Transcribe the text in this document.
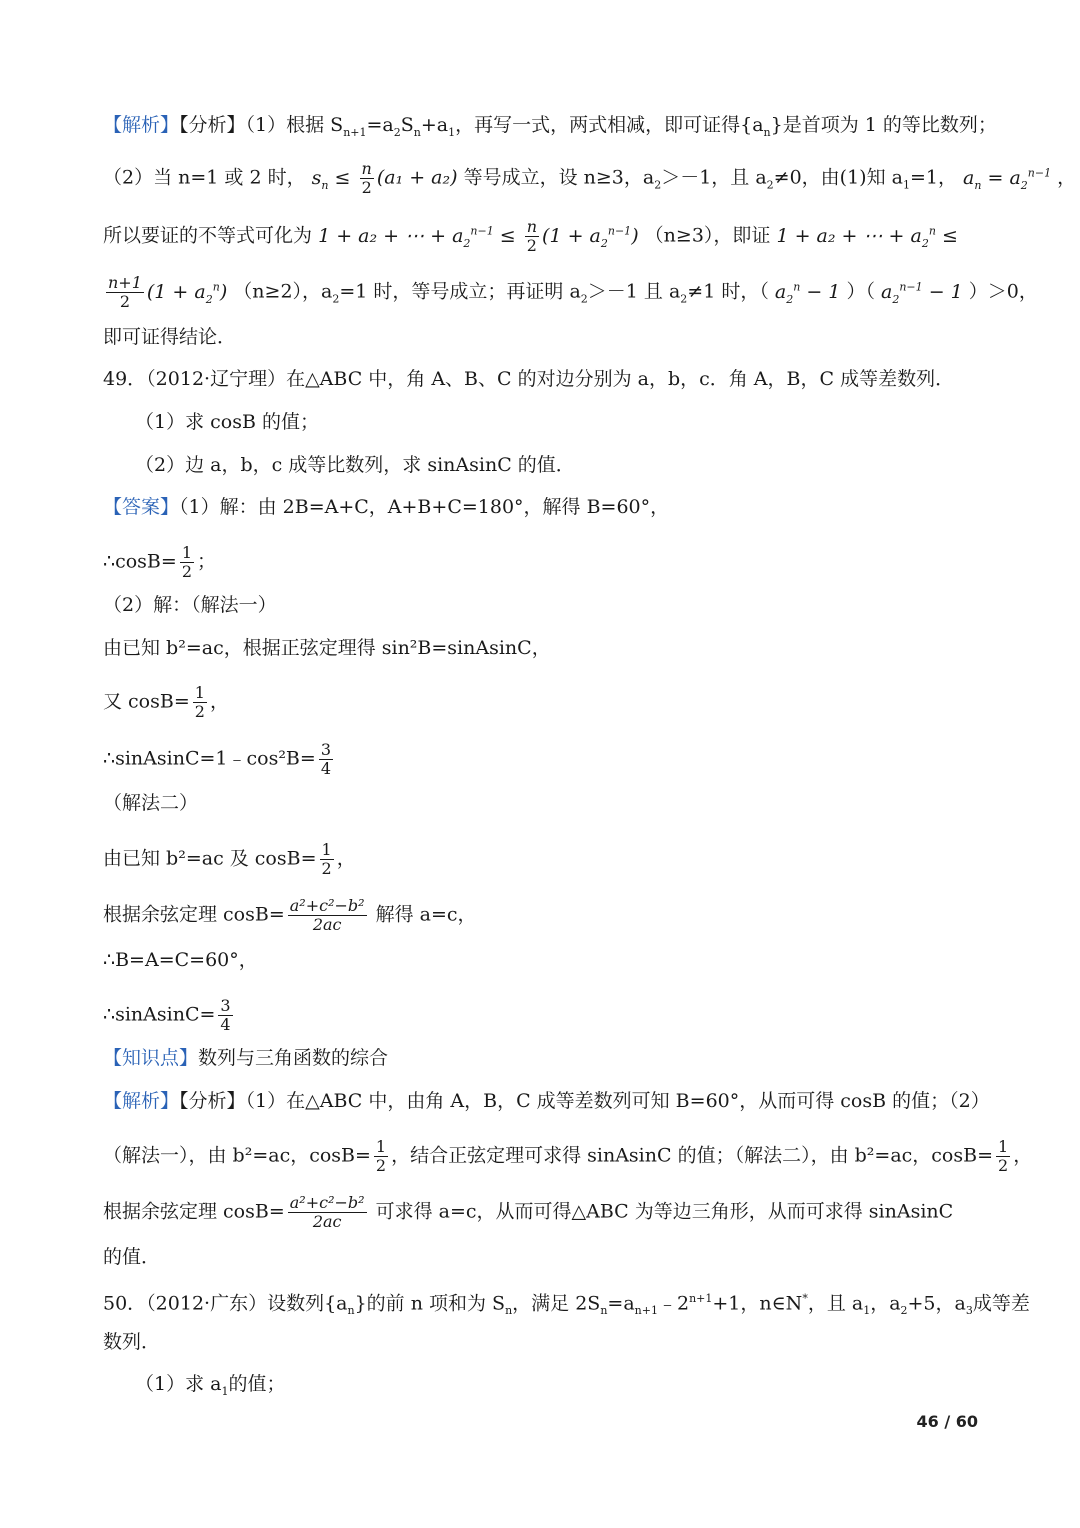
【解析】【分析】（1）根据 $S_{n+1}=a_2S_n+a_1$，再写一式，两式相减，即可证得$\{a_n\}$是首项为 1 的等比数列；
（2）当 n=1 或 2 时， $s_n \le \frac{n}{2} (a_1 + a_2)$ 等号成立，设 n≥3，$a_2>-1$，且 $a_2\ne 0$，由(1)知 $a_1=1$， $a_n = a_2^{n-1}$ ，
所以要证的不等式可化为 1 + a₂ + ⋯ + $a_2^{n-1} \le \frac{n}{2} (1 + a_2^{n-1})$ （n≥3），即证 1 + a₂ + ⋯ + $a_2^n$ ≤
$\frac{n+1}{2} (1 + a_2^n)$ （n≥2），$a_2=1$ 时，等号成立；再证明 $a_2>-1$ 且 $a_2\ne 1$ 时，（ $a_2^n - 1$ ）（ $a_2^{n-1} - 1$ ）＞0，
即可证得结论．
49．（2012·辽宁理）在△ABC 中，角 A、B、C 的对边分别为 a，b，c．角 A，B，C 成等差数列．
（1）求 cosB 的值；
（2）边 a，b，c 成等比数列，求 sinAsinC 的值．
【答案】（1）解：由 2B=A+C，A+B+C=180°，解得 B=60°，
∴cosB= $\frac{1}{2}$ ；
（2）解：（解法一）
由已知 b²=ac，根据正弦定理得 sin²B=sinAsinC，
又 $\cos B= \frac{1}{2}$ ，
∴sinAsinC=1﹣cos²B= $\frac{3}{4}$
（解法二）
由已知 b²=ac 及 $\cos B= \frac{1}{2}$ ，
根据余弦定理 $\cos B= \frac{\text{a²+c²−b²}}{2ac}$ 解得 a=c，
∴B=A=C=60°，
∴sinAsinC= $\frac{3}{4}$
【知识点】数列与三角函数的综合
【解析】【分析】（1）在△ABC 中，由角 A，B，C 成等差数列可知 B=60°，从而可得 cosB 的值；（2）
（解法一），由 b²=ac，$\cos B= \frac{1}{2}$ ，结合正弦定理可求得 sinAsinC 的值；（解法二），由 b²=ac，$\cos B= \frac{1}{2}$ ，
根据余弦定理 $\cos B= \frac{\text{a²+c²−b²}}{2ac}$ 可求得 a=c，从而可得△ABC 为等边三角形，从而可求得 sinAsinC
的值．
50．（2012·广东）设数列$\{a_n\}$的前 n 项和为 $S_n$，满足 $2S_n=a_{n+1}﹣2^{n+1}+1$，n∈N*，且 $a_1$，$a_2+5$，$a_3$成等差
数列．
（1）求 $a_1$的值；
46 / 60
